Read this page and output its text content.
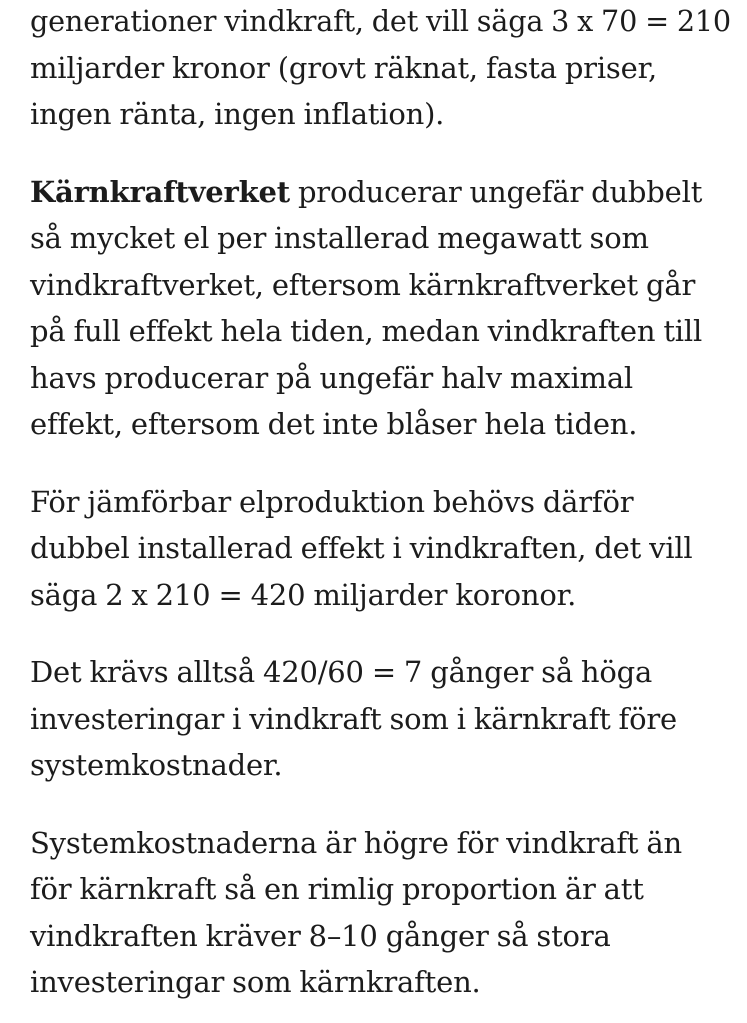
generationer vindkraft, det vill säga 3 x 70 = 210
miljarder kronor (grovt räknat, fasta priser,
ingen ränta, ingen inflation).

Kärnkraftverket producerar ungefär dubbelt
så mycket el per installerad megawatt som
vindkraftverket, eftersom kärnkraftverket går
på full effekt hela tiden, medan vindkraften till
havs producerar på ungefär halv maximal
effekt, eftersom det inte blåser hela tiden.

För jämförbar elproduktion behövs därför
dubbel installerad effekt i vindkraften, det vill
säga 2 x 210 = 420 miljarder koronor.

Det krävs alltså 420/60 = 7 gånger så höga
investeringar i vindkraft som i kärnkraft före
systemkostnader.

Systemkostnaderna är högre för vindkraft än
för kärnkraft så en rimlig proportion är att
vindkraften kräver 8–10 gånger så stora
investeringar som kärnkraften.
